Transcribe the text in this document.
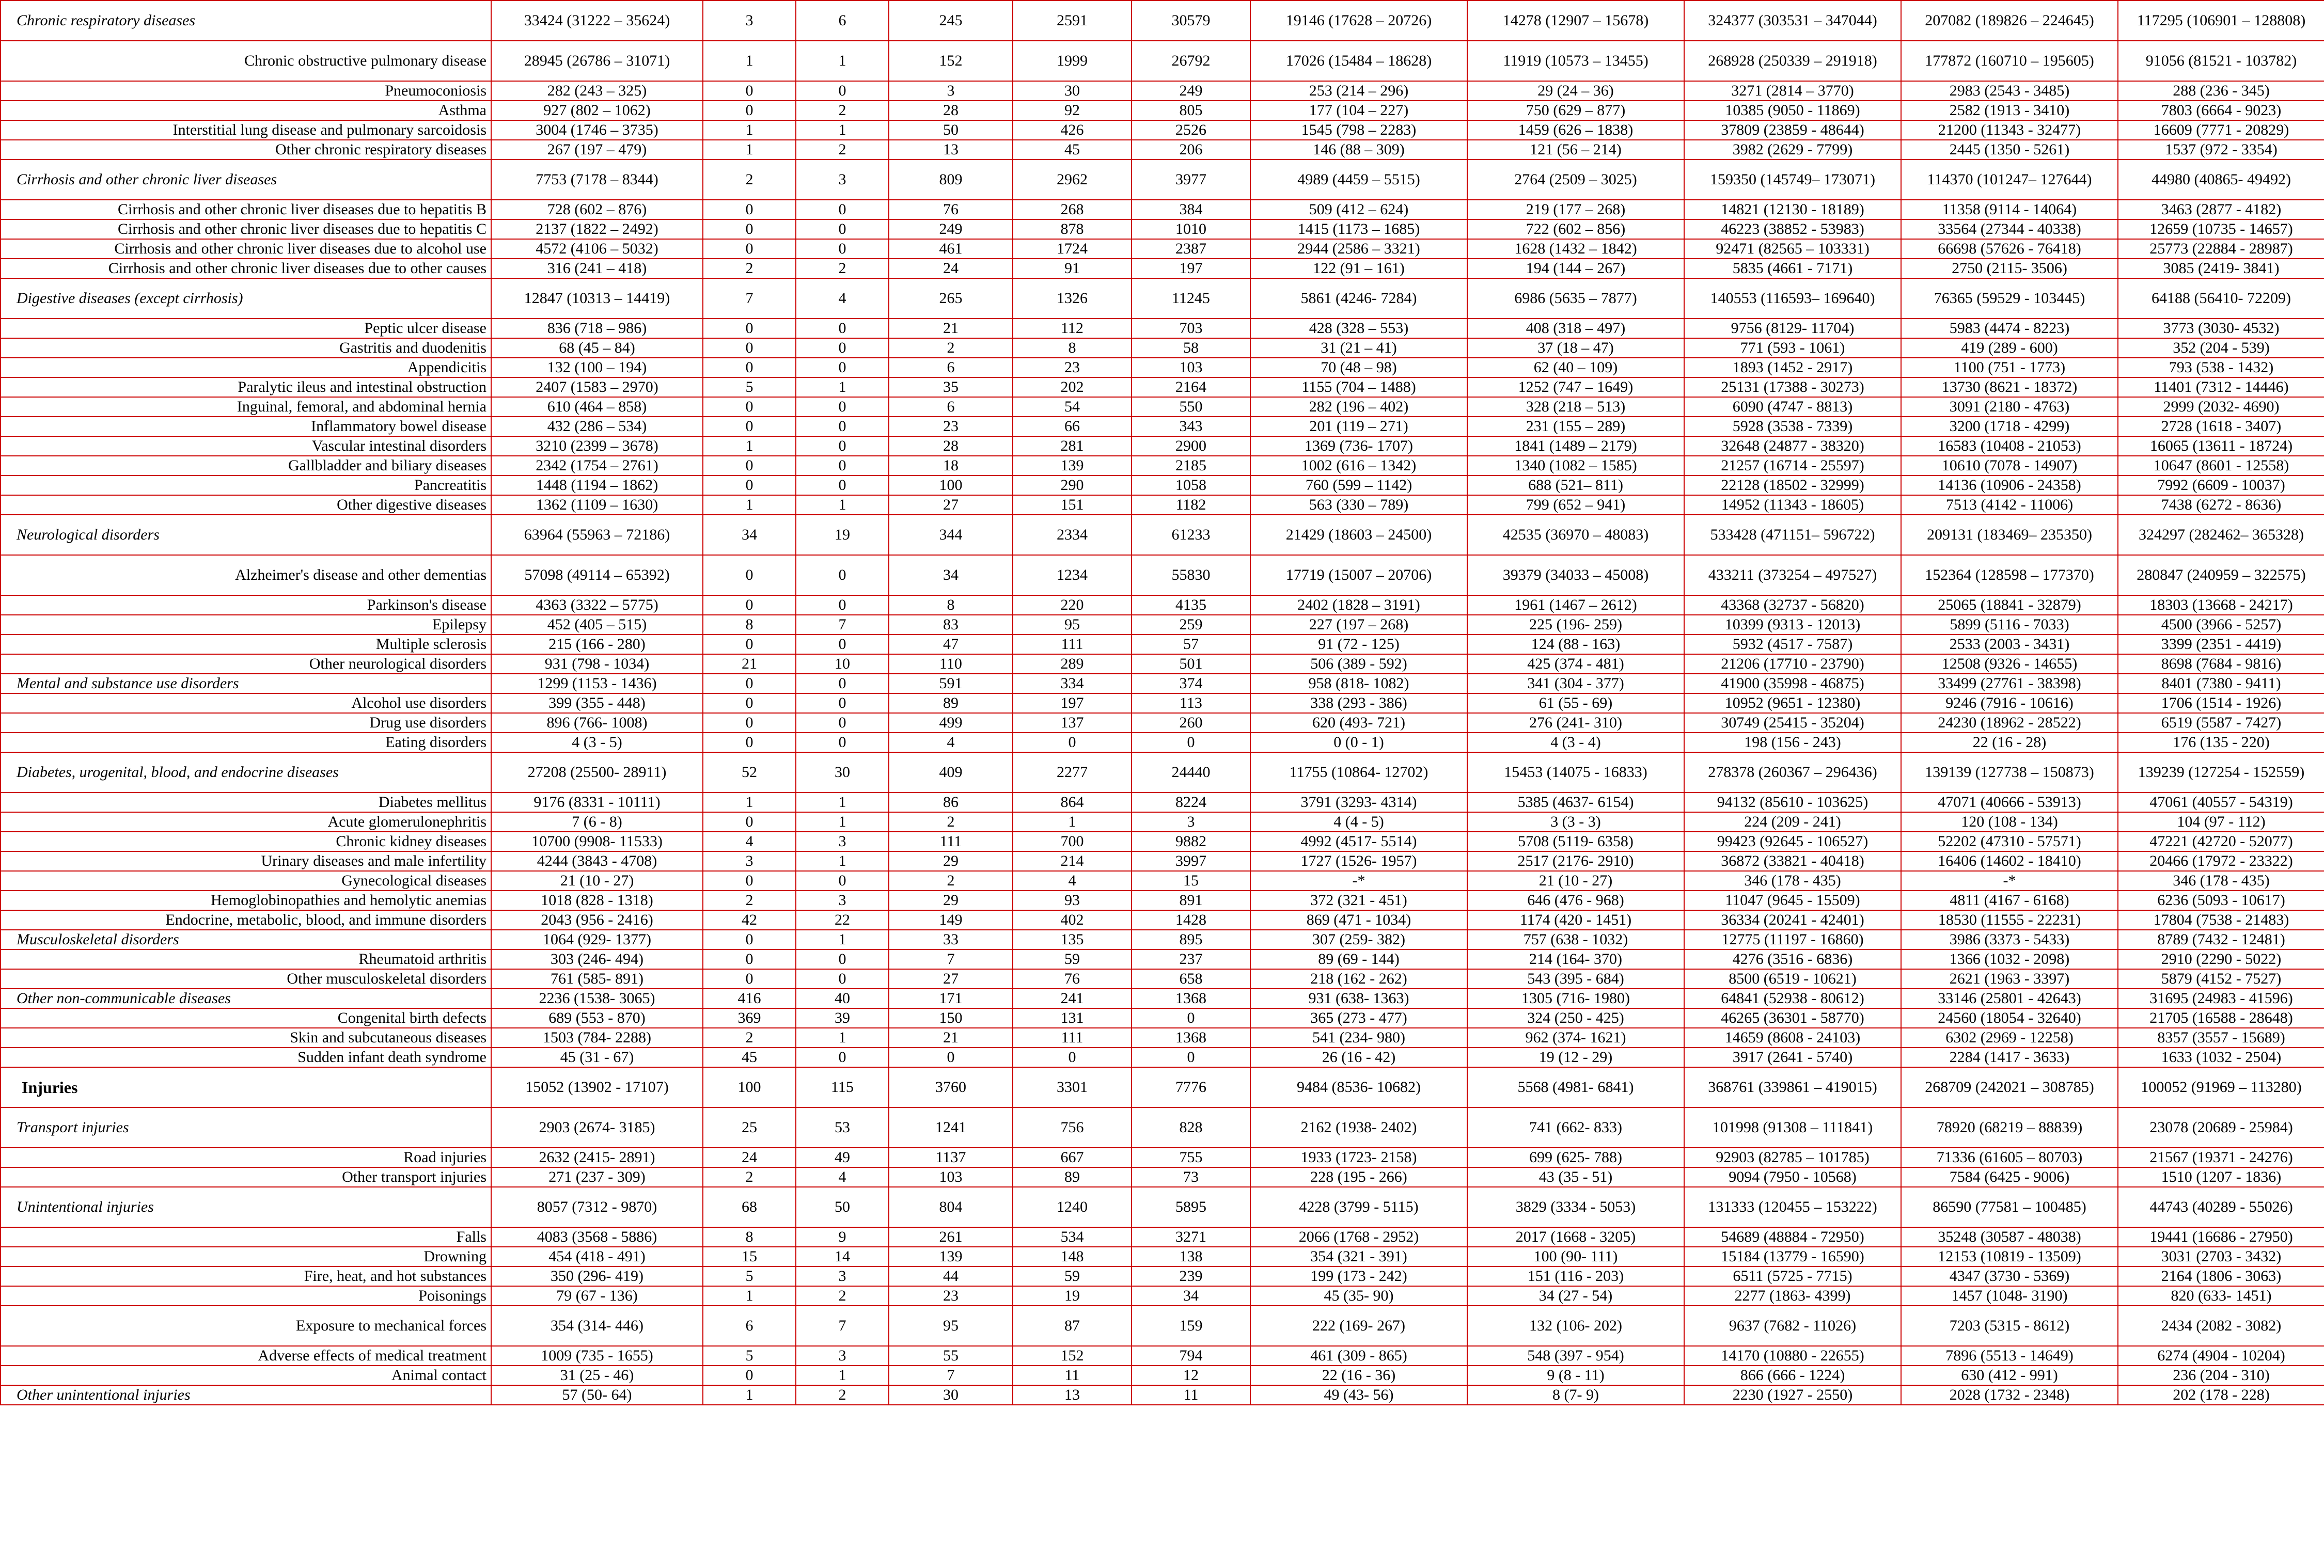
Chronic respiratory diseases	33424 (31222 – 35624)	3	6	245	2591	30579	19146 (17628 – 20726)	14278 (12907 – 15678)	324377 (303531 – 347044)	207082 (189826 – 224645)	117295 (106901 – 128808)
Chronic obstructive pulmonary disease	28945 (26786 – 31071)	1	1	152	1999	26792	17026 (15484 – 18628)	11919 (10573 – 13455)	268928 (250339 – 291918)	177872 (160710 – 195605)	91056 (81521 - 103782)
Pneumoconiosis	282 (243 – 325)	0	0	3	30	249	253 (214 – 296)	29 (24 – 36)	3271 (2814 – 3770)	2983 (2543 - 3485)	288 (236 - 345)
Asthma	927 (802 – 1062)	0	2	28	92	805	177 (104 – 227)	750 (629 – 877)	10385 (9050 - 11869)	2582 (1913 - 3410)	7803 (6664 - 9023)
Interstitial lung disease and pulmonary sarcoidosis	3004 (1746 – 3735)	1	1	50	426	2526	1545 (798 – 2283)	1459 (626 – 1838)	37809 (23859 - 48644)	21200 (11343 - 32477)	16609 (7771 - 20829)
Other chronic respiratory diseases	267 (197 – 479)	1	2	13	45	206	146 (88 – 309)	121 (56 – 214)	3982 (2629 - 7799)	2445 (1350 - 5261)	1537 (972 - 3354)
Cirrhosis and other chronic liver diseases	7753 (7178 – 8344)	2	3	809	2962	3977	4989 (4459 – 5515)	2764 (2509 – 3025)	159350 (145749– 173071)	114370 (101247– 127644)	44980 (40865- 49492)
Cirrhosis and other chronic liver diseases due to hepatitis B	728 (602 – 876)	0	0	76	268	384	509 (412 – 624)	219 (177 – 268)	14821 (12130 - 18189)	11358 (9114 - 14064)	3463 (2877 - 4182)
Cirrhosis and other chronic liver diseases due to hepatitis C	2137 (1822 – 2492)	0	0	249	878	1010	1415 (1173 – 1685)	722 (602 – 856)	46223 (38852 - 53983)	33564 (27344 - 40338)	12659 (10735 - 14657)
Cirrhosis and other chronic liver diseases due to alcohol use	4572 (4106 – 5032)	0	0	461	1724	2387	2944 (2586 – 3321)	1628 (1432 – 1842)	92471 (82565 – 103331)	66698 (57626 - 76418)	25773 (22884 - 28987)
Cirrhosis and other chronic liver diseases due to other causes	316 (241 – 418)	2	2	24	91	197	122 (91 – 161)	194 (144 – 267)	5835 (4661 - 7171)	2750 (2115- 3506)	3085 (2419- 3841)
Digestive diseases (except cirrhosis)	12847 (10313 – 14419)	7	4	265	1326	11245	5861 (4246- 7284)	6986 (5635 – 7877)	140553 (116593– 169640)	76365 (59529 - 103445)	64188 (56410- 72209)
Peptic ulcer disease	836 (718 – 986)	0	0	21	112	703	428 (328 – 553)	408 (318 – 497)	9756 (8129- 11704)	5983 (4474 - 8223)	3773 (3030- 4532)
Gastritis and duodenitis	68 (45 – 84)	0	0	2	8	58	31 (21 – 41)	37 (18 – 47)	771 (593 - 1061)	419 (289 - 600)	352 (204 - 539)
Appendicitis	132 (100 – 194)	0	0	6	23	103	70 (48 – 98)	62 (40 – 109)	1893 (1452 - 2917)	1100 (751 - 1773)	793 (538 - 1432)
Paralytic ileus and intestinal obstruction	2407 (1583 – 2970)	5	1	35	202	2164	1155 (704 – 1488)	1252 (747 – 1649)	25131 (17388 - 30273)	13730 (8621 - 18372)	11401 (7312 - 14446)
Inguinal, femoral, and abdominal hernia	610 (464 – 858)	0	0	6	54	550	282 (196 – 402)	328 (218 – 513)	6090 (4747 - 8813)	3091 (2180 - 4763)	2999 (2032- 4690)
Inflammatory bowel disease	432 (286 – 534)	0	0	23	66	343	201 (119 – 271)	231 (155 – 289)	5928 (3538 - 7339)	3200 (1718 - 4299)	2728 (1618 - 3407)
Vascular intestinal disorders	3210 (2399 – 3678)	1	0	28	281	2900	1369 (736- 1707)	1841 (1489 – 2179)	32648 (24877 - 38320)	16583 (10408 - 21053)	16065 (13611 - 18724)
Gallbladder and biliary diseases	2342 (1754 – 2761)	0	0	18	139	2185	1002 (616 – 1342)	1340 (1082 – 1585)	21257 (16714 - 25597)	10610 (7078 - 14907)	10647 (8601 - 12558)
Pancreatitis	1448 (1194 – 1862)	0	0	100	290	1058	760 (599 – 1142)	688 (521– 811)	22128 (18502 - 32999)	14136 (10906 - 24358)	7992 (6609 - 10037)
Other digestive diseases	1362 (1109 – 1630)	1	1	27	151	1182	563 (330 – 789)	799 (652 – 941)	14952 (11343 - 18605)	7513 (4142 - 11006)	7438 (6272 - 8636)
Neurological disorders	63964 (55963 – 72186)	34	19	344	2334	61233	21429 (18603 – 24500)	42535 (36970 – 48083)	533428 (471151– 596722)	209131 (183469– 235350)	324297 (282462– 365328)
Alzheimer's disease and other dementias	57098 (49114 – 65392)	0	0	34	1234	55830	17719 (15007 – 20706)	39379 (34033 – 45008)	433211 (373254 – 497527)	152364 (128598 – 177370)	280847 (240959 – 322575)
Parkinson's disease	4363 (3322 – 5775)	0	0	8	220	4135	2402 (1828 – 3191)	1961 (1467 – 2612)	43368 (32737 - 56820)	25065 (18841 - 32879)	18303 (13668 - 24217)
Epilepsy	452 (405 – 515)	8	7	83	95	259	227 (197 – 268)	225 (196- 259)	10399 (9313 - 12013)	5899 (5116 - 7033)	4500 (3966 - 5257)
Multiple sclerosis	215 (166 - 280)	0	0	47	111	57	91 (72 - 125)	124 (88 - 163)	5932 (4517 - 7587)	2533 (2003 - 3431)	3399 (2351 - 4419)
Other neurological disorders	931 (798 - 1034)	21	10	110	289	501	506 (389 - 592)	425 (374 - 481)	21206 (17710 - 23790)	12508 (9326 - 14655)	8698 (7684 - 9816)
Mental and substance use disorders	1299 (1153 - 1436)	0	0	591	334	374	958 (818- 1082)	341 (304 - 377)	41900 (35998 - 46875)	33499 (27761 - 38398)	8401 (7380 - 9411)
Alcohol use disorders	399 (355 - 448)	0	0	89	197	113	338 (293 - 386)	61 (55 - 69)	10952 (9651 - 12380)	9246 (7916 - 10616)	1706 (1514 - 1926)
Drug use disorders	896 (766- 1008)	0	0	499	137	260	620 (493- 721)	276 (241- 310)	30749 (25415 - 35204)	24230 (18962 - 28522)	6519 (5587 - 7427)
Eating disorders	4 (3 - 5)	0	0	4	0	0	0 (0 - 1)	4 (3 - 4)	198 (156 - 243)	22 (16 - 28)	176 (135 - 220)
Diabetes, urogenital, blood, and endocrine diseases	27208 (25500- 28911)	52	30	409	2277	24440	11755 (10864- 12702)	15453 (14075 - 16833)	278378 (260367 – 296436)	139139 (127738 – 150873)	139239 (127254 - 152559)
Diabetes mellitus	9176 (8331 - 10111)	1	1	86	864	8224	3791 (3293- 4314)	5385 (4637- 6154)	94132 (85610 - 103625)	47071 (40666 - 53913)	47061 (40557 - 54319)
Acute glomerulonephritis	7 (6 - 8)	0	1	2	1	3	4 (4 - 5)	3 (3 - 3)	224 (209 - 241)	120 (108 - 134)	104 (97 - 112)
Chronic kidney diseases	10700 (9908- 11533)	4	3	111	700	9882	4992 (4517- 5514)	5708 (5119- 6358)	99423 (92645 - 106527)	52202 (47310 - 57571)	47221 (42720 - 52077)
Urinary diseases and male infertility	4244 (3843 - 4708)	3	1	29	214	3997	1727 (1526- 1957)	2517 (2176- 2910)	36872 (33821 - 40418)	16406 (14602 - 18410)	20466 (17972 - 23322)
Gynecological diseases	21 (10 - 27)	0	0	2	4	15	-*	21 (10 - 27)	346 (178 - 435)	-*	346 (178 - 435)
Hemoglobinopathies and hemolytic anemias	1018 (828 - 1318)	2	3	29	93	891	372 (321 - 451)	646 (476 - 968)	11047 (9645 - 15509)	4811 (4167 - 6168)	6236 (5093 - 10617)
Endocrine, metabolic, blood, and immune disorders	2043 (956 - 2416)	42	22	149	402	1428	869 (471 - 1034)	1174 (420 - 1451)	36334 (20241 - 42401)	18530 (11555 - 22231)	17804 (7538 - 21483)
Musculoskeletal disorders	1064 (929- 1377)	0	1	33	135	895	307 (259- 382)	757 (638 - 1032)	12775 (11197 - 16860)	3986 (3373 - 5433)	8789 (7432 - 12481)
Rheumatoid arthritis	303 (246- 494)	0	0	7	59	237	89 (69 - 144)	214 (164- 370)	4276 (3516 - 6836)	1366 (1032 - 2098)	2910 (2290 - 5022)
Other musculoskeletal disorders	761 (585- 891)	0	0	27	76	658	218 (162 - 262)	543 (395 - 684)	8500 (6519 - 10621)	2621 (1963 - 3397)	5879 (4152 - 7527)
Other non-communicable diseases	2236 (1538- 3065)	416	40	171	241	1368	931 (638- 1363)	1305 (716- 1980)	64841 (52938 - 80612)	33146 (25801 - 42643)	31695 (24983 - 41596)
Congenital birth defects	689 (553 - 870)	369	39	150	131	0	365 (273 - 477)	324 (250 - 425)	46265 (36301 - 58770)	24560 (18054 - 32640)	21705 (16588 - 28648)
Skin and subcutaneous diseases	1503 (784- 2288)	2	1	21	111	1368	541 (234- 980)	962 (374- 1621)	14659 (8608 - 24103)	6302 (2969 - 12258)	8357 (3557 - 15689)
Sudden infant death syndrome	45 (31 - 67)	45	0	0	0	0	26 (16 - 42)	19 (12 - 29)	3917 (2641 - 5740)	2284 (1417 - 3633)	1633 (1032 - 2504)
Injuries	15052 (13902 - 17107)	100	115	3760	3301	7776	9484 (8536- 10682)	5568 (4981- 6841)	368761 (339861 – 419015)	268709 (242021 – 308785)	100052 (91969 – 113280)
Transport injuries	2903 (2674- 3185)	25	53	1241	756	828	2162 (1938- 2402)	741 (662- 833)	101998 (91308 – 111841)	78920 (68219 – 88839)	23078 (20689 - 25984)
Road injuries	2632 (2415- 2891)	24	49	1137	667	755	1933 (1723- 2158)	699 (625- 788)	92903 (82785 – 101785)	71336 (61605 – 80703)	21567 (19371 - 24276)
Other transport injuries	271 (237 - 309)	2	4	103	89	73	228 (195 - 266)	43 (35 - 51)	9094 (7950 - 10568)	7584 (6425 - 9006)	1510 (1207 - 1836)
Unintentional injuries	8057 (7312 - 9870)	68	50	804	1240	5895	4228 (3799 - 5115)	3829 (3334 - 5053)	131333 (120455 – 153222)	86590 (77581 – 100485)	44743 (40289 - 55026)
Falls	4083 (3568 - 5886)	8	9	261	534	3271	2066 (1768 - 2952)	2017 (1668 - 3205)	54689 (48884 - 72950)	35248 (30587 - 48038)	19441 (16686 - 27950)
Drowning	454 (418 - 491)	15	14	139	148	138	354 (321 - 391)	100 (90- 111)	15184 (13779 - 16590)	12153 (10819 - 13509)	3031 (2703 - 3432)
Fire, heat, and hot substances	350 (296- 419)	5	3	44	59	239	199 (173 - 242)	151 (116 - 203)	6511 (5725 - 7715)	4347 (3730 - 5369)	2164 (1806 - 3063)
Poisonings	79 (67 - 136)	1	2	23	19	34	45 (35- 90)	34 (27 - 54)	2277 (1863- 4399)	1457 (1048- 3190)	820 (633- 1451)
Exposure to mechanical forces	354 (314- 446)	6	7	95	87	159	222 (169- 267)	132 (106- 202)	9637 (7682 - 11026)	7203 (5315 - 8612)	2434 (2082 - 3082)
Adverse effects of medical treatment	1009 (735 - 1655)	5	3	55	152	794	461 (309 - 865)	548 (397 - 954)	14170 (10880 - 22655)	7896 (5513 - 14649)	6274 (4904 - 10204)
Animal contact	31 (25 - 46)	0	1	7	11	12	22 (16 - 36)	9 (8 - 11)	866 (666 - 1224)	630 (412 - 991)	236 (204 - 310)
Other unintentional injuries	57 (50- 64)	1	2	30	13	11	49 (43- 56)	8 (7- 9)	2230 (1927 - 2550)	2028 (1732 - 2348)	202 (178 - 228)
